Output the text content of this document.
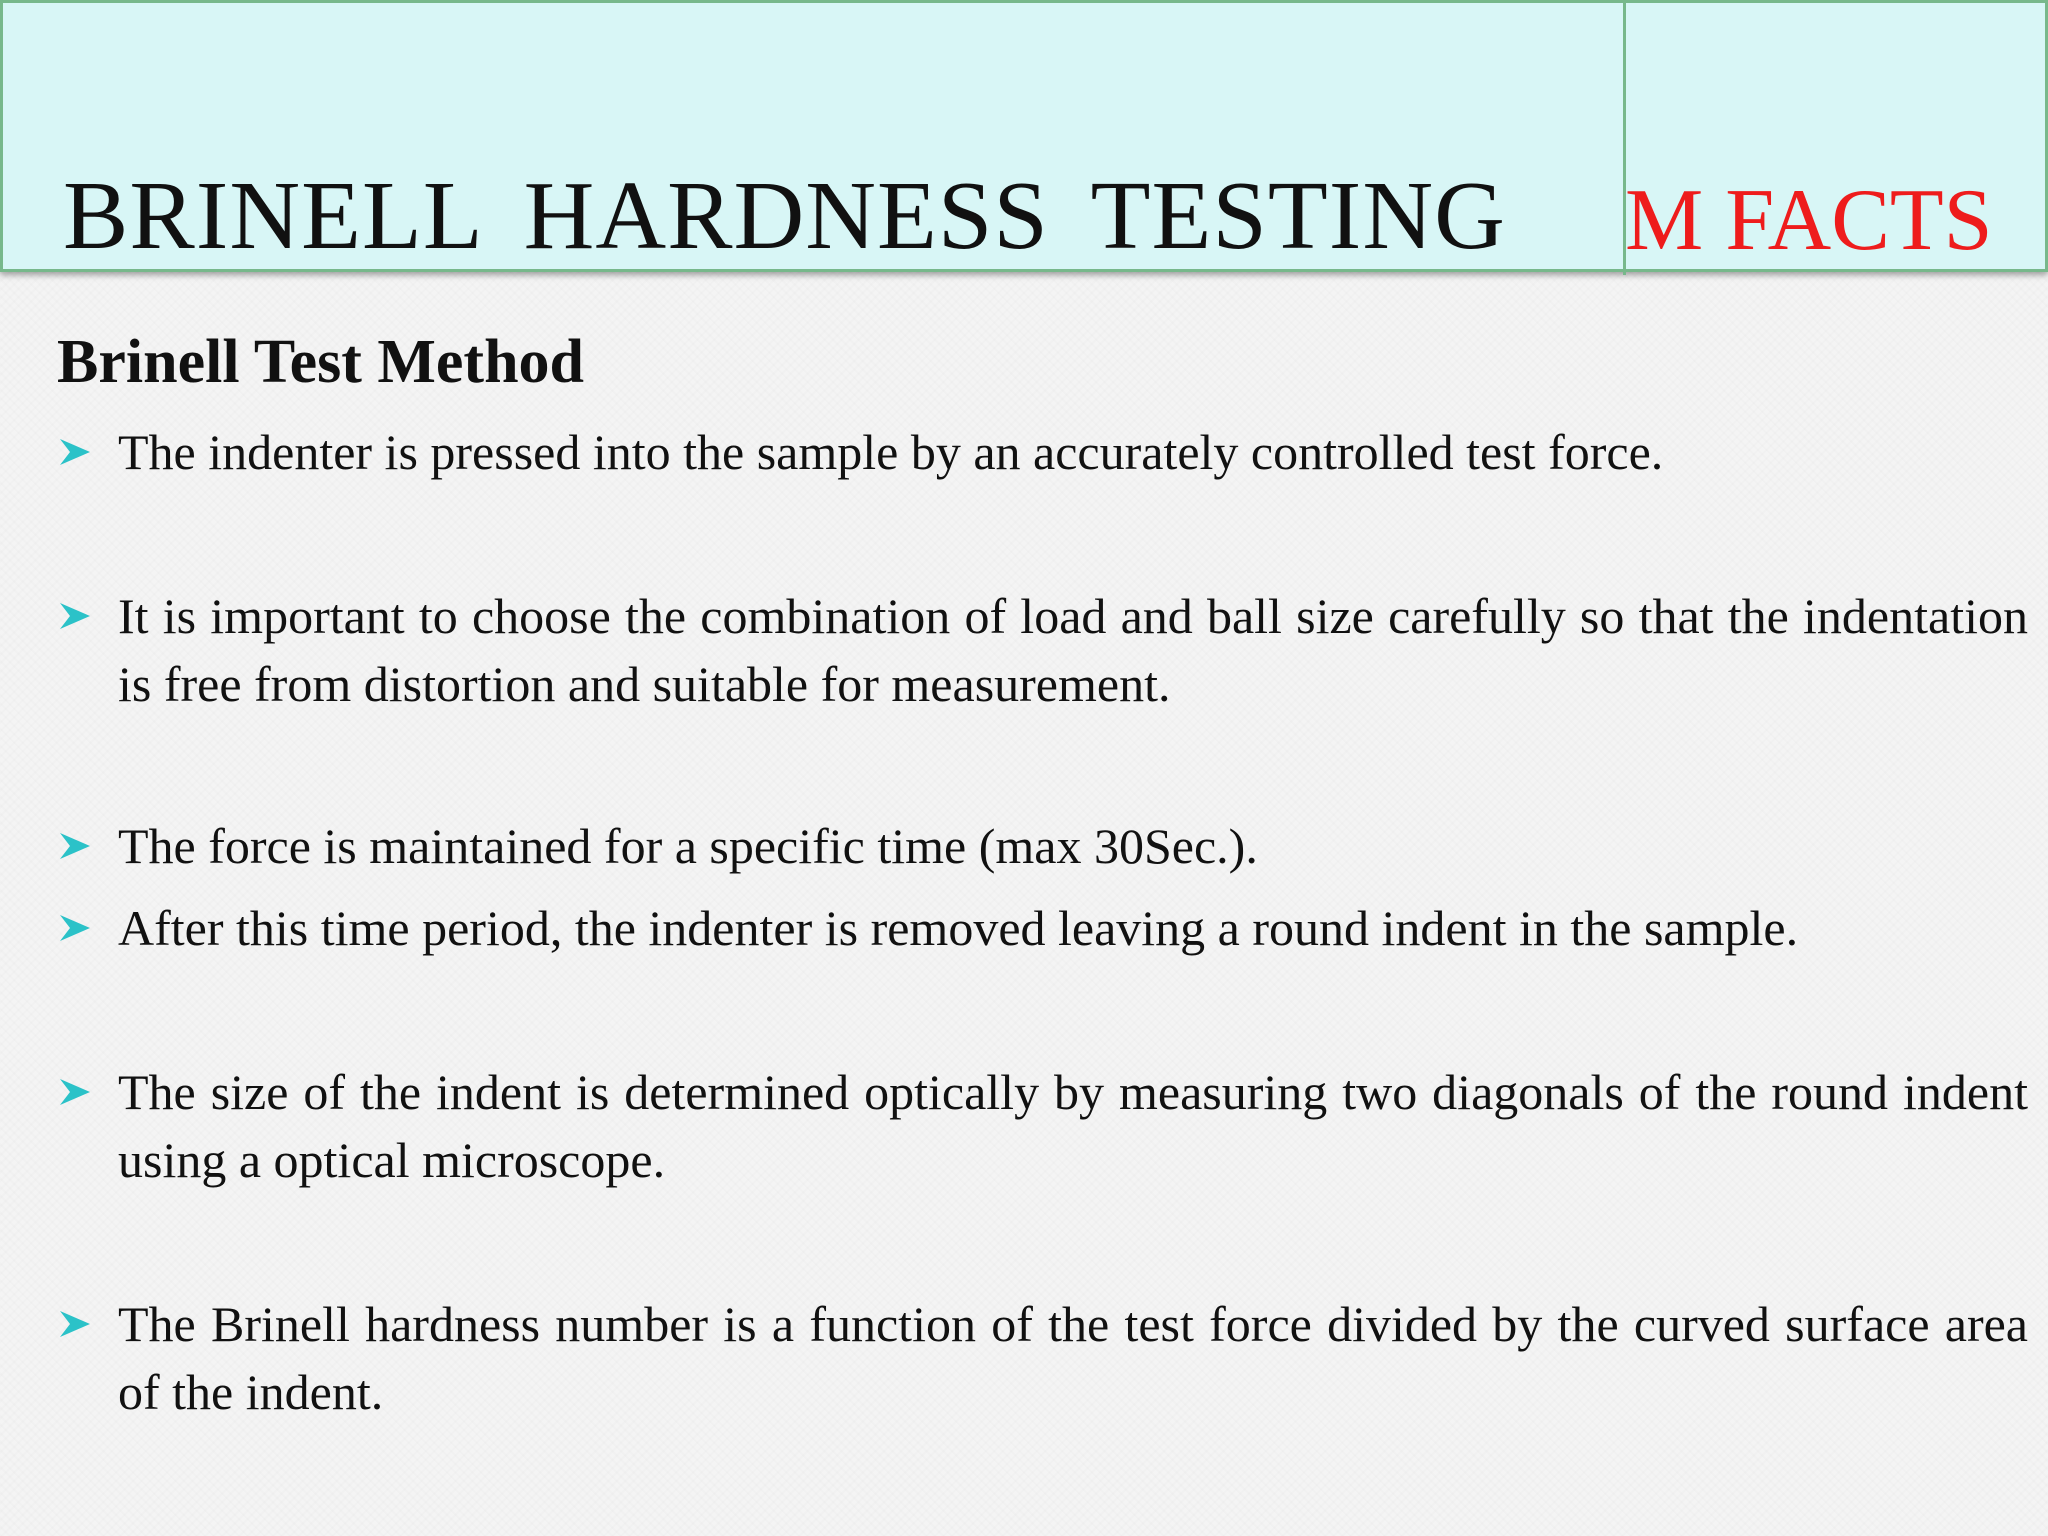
BRINELL HARDNESS TESTING M FACTS
Brinell Test Method
The indenter is pressed into the sample by an accurately controlled test force.
It is important to choose the combination of load and ball size carefully so that the indentation is free from distortion and suitable for measurement.
The force is maintained for a specific time (max 30Sec.).
After this time period, the indenter is removed leaving a round indent in the sample.
The size of the indent is determined optically by measuring two diagonals of the round indent using a optical microscope.
The Brinell hardness number is a function of the test force divided by the curved surface area of the indent.
